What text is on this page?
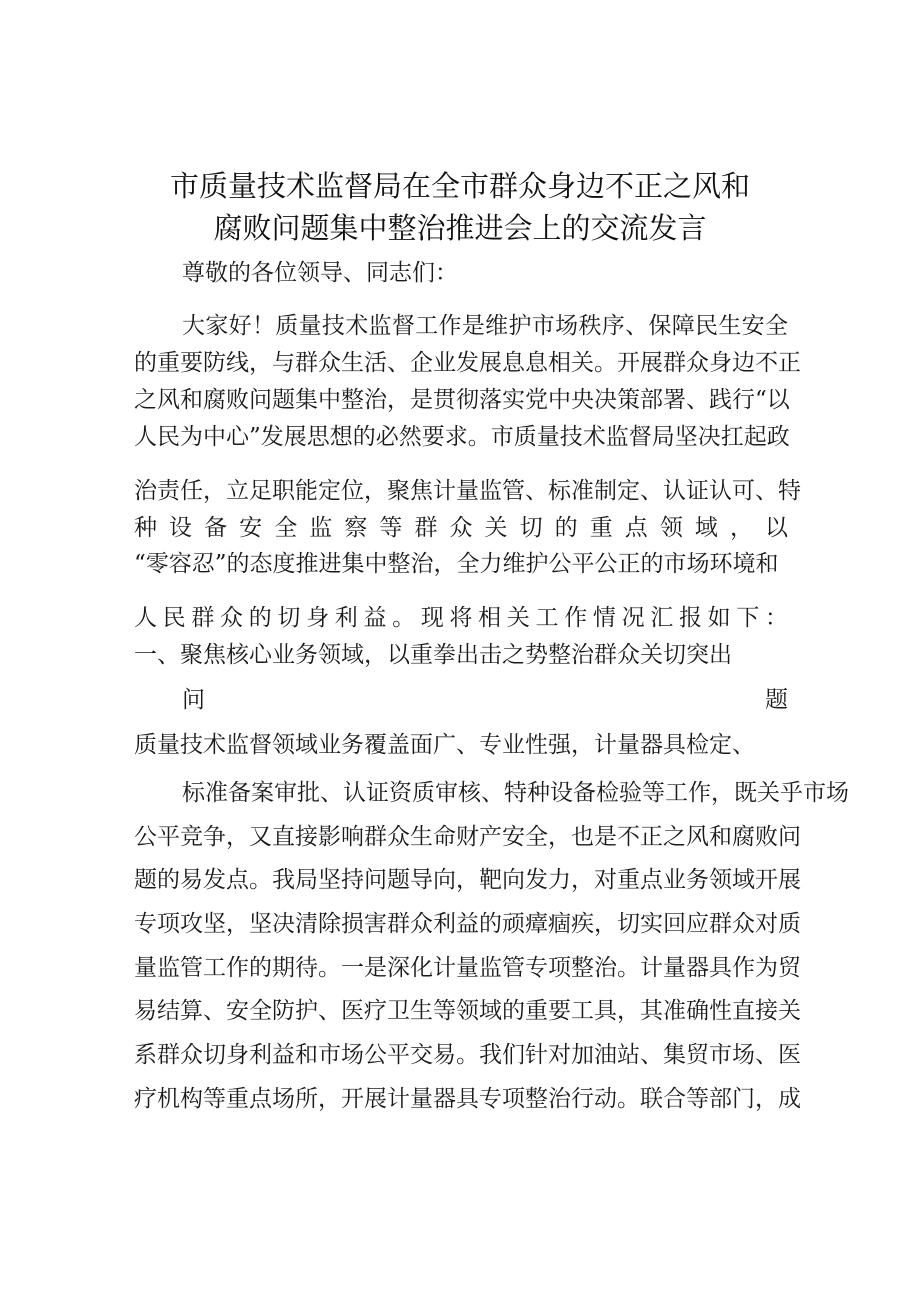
市质量技术监督局在全市群众身边不正之风和
腐败问题集中整治推进会上的交流发言
尊敬的各位领导、同志们：
大家好！质量技术监督工作是维护市场秩序、保障民生安全
的重要防线，与群众生活、企业发展息息相关。开展群众身边不正
之风和腐败问题集中整治，是贯彻落实党中央决策部署、践行“以
人民为中心”发展思想的必然要求。市质量技术监督局坚决扛起政
治责任，立足职能定位，聚焦计量监管、标准制定、认证认可、特
种设备安全监察等群众关切的重点领域，以
“零容忍”的态度推进集中整治，全力维护公平公正的市场环境和
人民群众的切身利益。现将相关工作情况汇报如下：
一、聚焦核心业务领域，以重拳出击之势整治群众关切突出
问题
质量技术监督领域业务覆盖面广、专业性强，计量器具检定、
标准备案审批、认证资质审核、特种设备检验等工作，既关乎市场
公平竞争，又直接影响群众生命财产安全，也是不正之风和腐败问
题的易发点。我局坚持问题导向，靶向发力，对重点业务领域开展
专项攻坚，坚决清除损害群众利益的顽瘴痼疾，切实回应群众对质
量监管工作的期待。一是深化计量监管专项整治。计量器具作为贸
易结算、安全防护、医疗卫生等领域的重要工具，其准确性直接关
系群众切身利益和市场公平交易。我们针对加油站、集贸市场、医
疗机构等重点场所，开展计量器具专项整治行动。联合等部门，成
